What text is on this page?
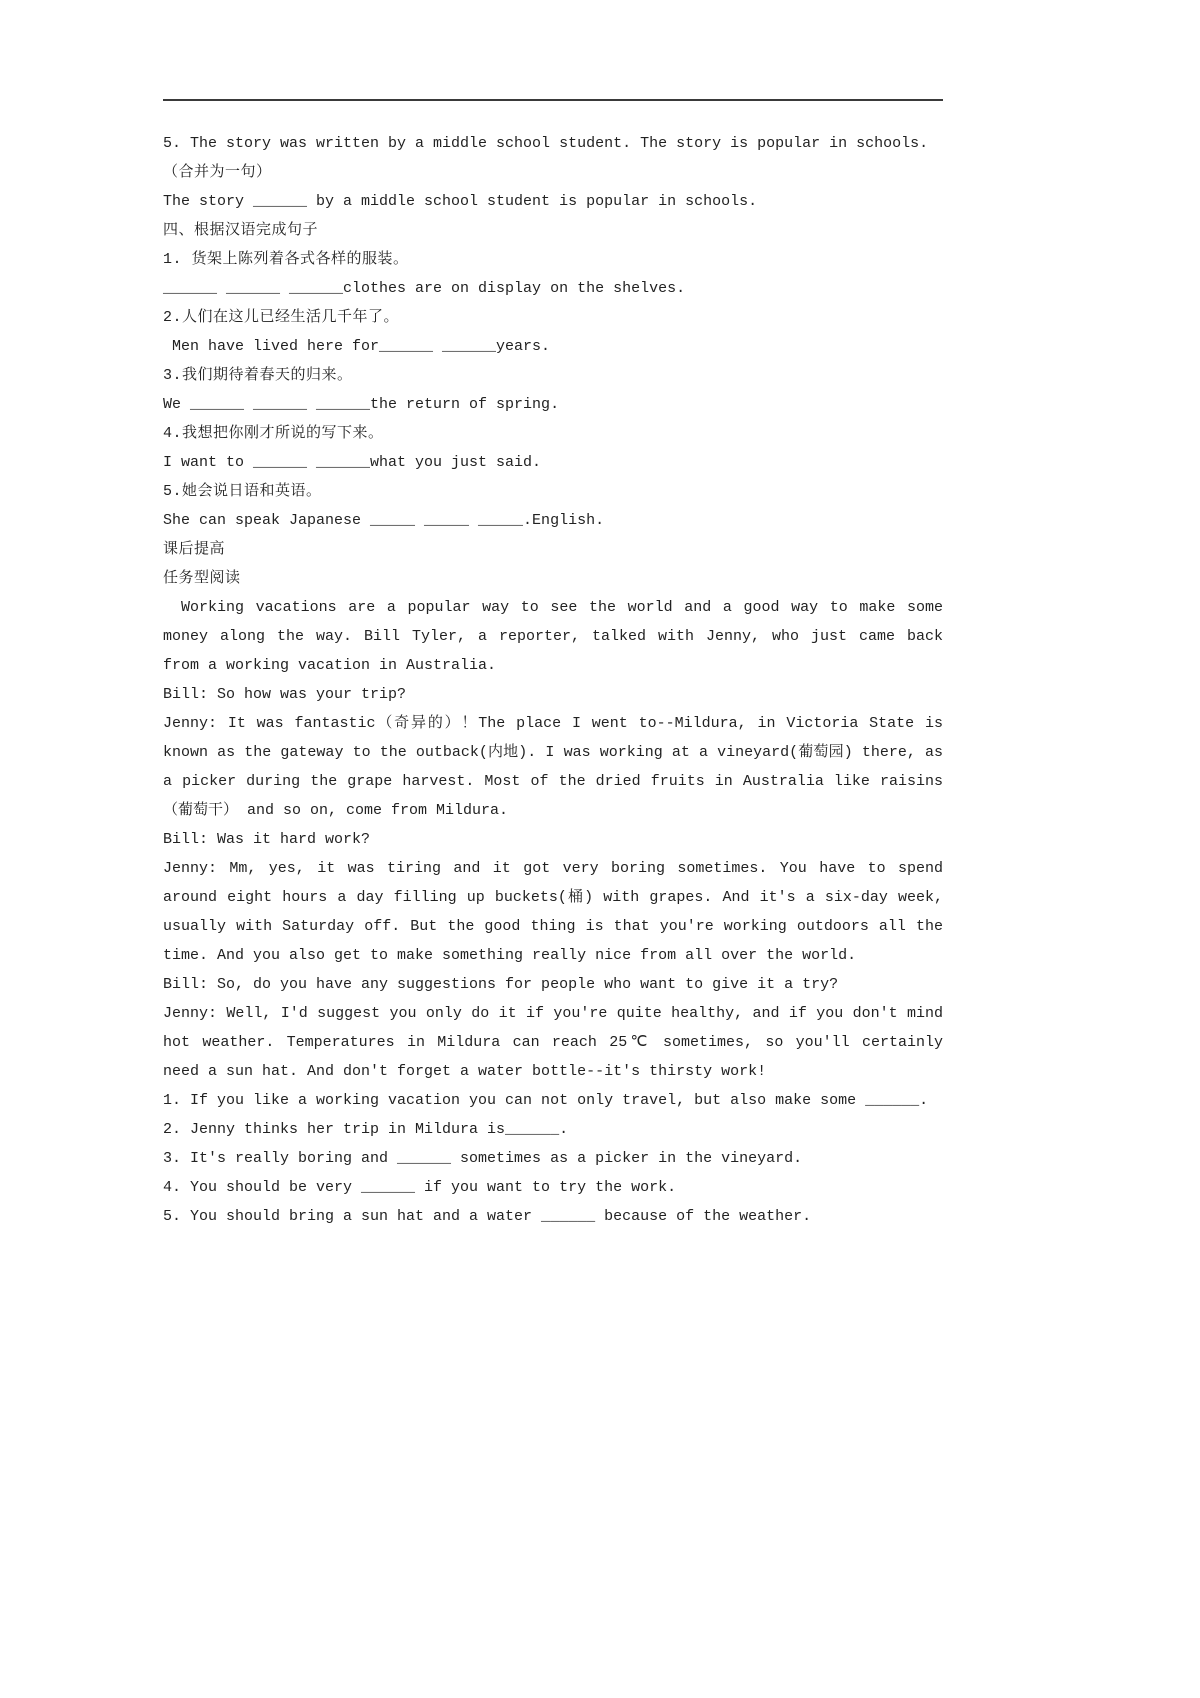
5. The story was written by a middle school student. The story is popular in schools.

（合并为一句）

The story ______ by a middle school student is popular in schools.

四、根据汉语完成句子

1. 货架上陈列着各式各样的服装。

______ ______ ______clothes are on display on the shelves.

2.人们在这儿已经生活几千年了。

Men have lived here for______ ______years.

3.我们期待着春天的归来。

We ______ ______ ______the return of spring.

4.我想把你刚才所说的写下来。

I want to ______ ______what you just said.

5.她会说日语和英语。

She can speak Japanese _____ _____ _____.English.

课后提高

任务型阅读

Working vacations are a popular way to see the world and a good way to make some money along the way. Bill Tyler, a reporter, talked with Jenny, who just came back from a working vacation in Australia.

Bill: So how was your trip?

Jenny: It was fantastic（奇异的）！The place I went to--Mildura, in Victoria State is known as the gateway to the outback(内地). I was working at a vineyard(葡萄园) there, as a picker during the grape harvest. Most of the dried fruits in Australia like raisins（葡萄干） and so on, come from Mildura.

Bill: Was it hard work?

Jenny: Mm, yes, it was tiring and it got very boring sometimes. You have to spend around eight hours a day filling up buckets(桶) with grapes. And it's a six-day week, usually with Saturday off. But the good thing is that you're working outdoors all the time. And you also get to make something really nice from all over the world.

Bill: So, do you have any suggestions for people who want to give it a try?

Jenny: Well, I'd suggest you only do it if you're quite healthy, and if you don't mind hot weather. Temperatures in Mildura can reach 25℃ sometimes, so you'll certainly need a sun hat. And don't forget a water bottle--it's thirsty work!

1. If you like a working vacation you can not only travel, but also make some ______.

2. Jenny thinks her trip in Mildura is______.

3. It's really boring and ______ sometimes as a picker in the vineyard.

4. You should be very ______ if you want to try the work.

5. You should bring a sun hat and a water ______ because of the weather.
